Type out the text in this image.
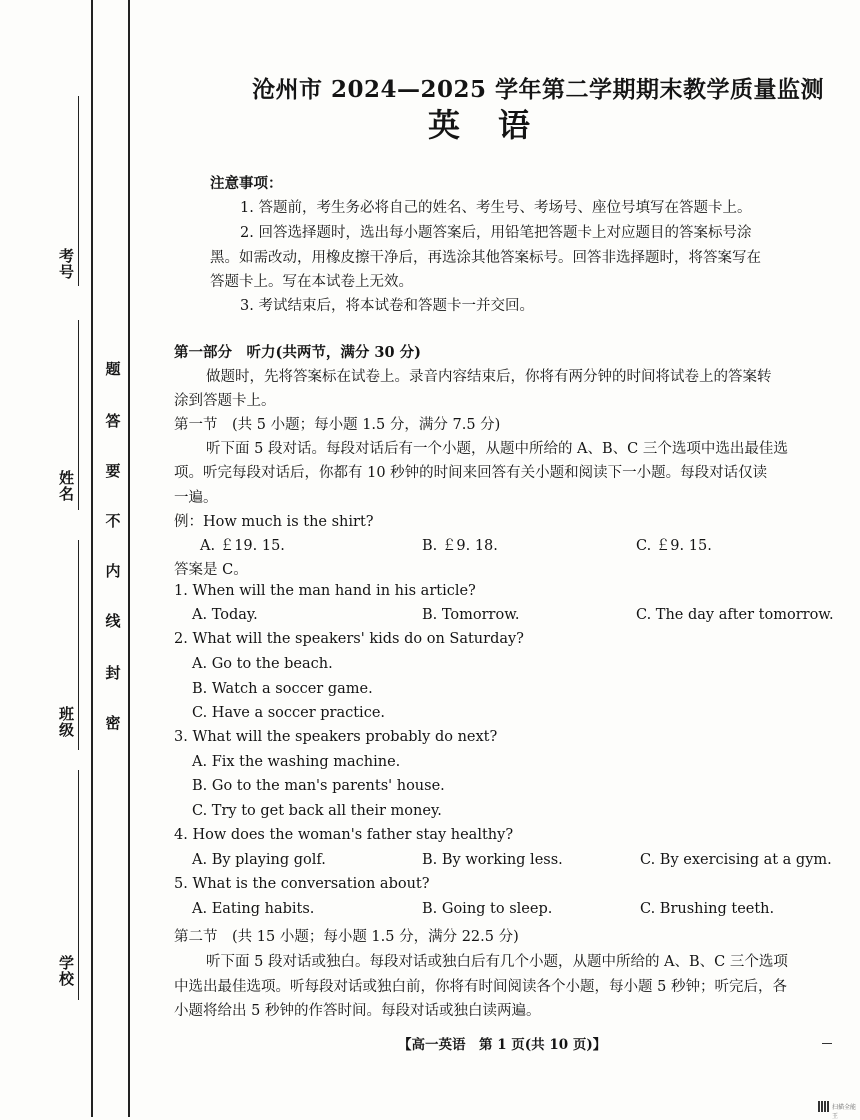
考号
姓名
班级
学校
题
答
要
不
内
线
封
密
沧州市 2024—2025 学年第二学期期末教学质量监测
英语
注意事项：
1. 答题前，考生务必将自己的姓名、考生号、考场号、座位号填写在答题卡上。
2. 回答选择题时，选出每小题答案后，用铅笔把答题卡上对应题目的答案标号涂
黑。如需改动，用橡皮擦干净后，再选涂其他答案标号。回答非选择题时，将答案写在
答题卡上。写在本试卷上无效。
3. 考试结束后，将本试卷和答题卡一并交回。
第一部分　听力(共两节，满分 30 分)
做题时，先将答案标在试卷上。录音内容结束后，你将有两分钟的时间将试卷上的答案转
涂到答题卡上。
第一节　(共 5 小题；每小题 1.5 分，满分 7.5 分)
听下面 5 段对话。每段对话后有一个小题，从题中所给的 A、B、C 三个选项中选出最佳选
项。听完每段对话后，你都有 10 秒钟的时间来回答有关小题和阅读下一小题。每段对话仅读
一遍。
例：How much is the shirt?
A. ￡19. 15.	B. ￡9. 18.	C. ￡9. 15.
答案是 C。
1. When will the man hand in his article?
A. Today.	B. Tomorrow.	C. The day after tomorrow.
2. What will the speakers' kids do on Saturday?
A. Go to the beach.
B. Watch a soccer game.
C. Have a soccer practice.
3. What will the speakers probably do next?
A. Fix the washing machine.
B. Go to the man's parents' house.
C. Try to get back all their money.
4. How does the woman's father stay healthy?
A. By playing golf.	B. By working less.	C. By exercising at a gym.
5. What is the conversation about?
A. Eating habits.	B. Going to sleep.	C. Brushing teeth.
第二节　(共 15 小题；每小题 1.5 分，满分 22.5 分)
听下面 5 段对话或独白。每段对话或独白后有几个小题，从题中所给的 A、B、C 三个选项
中选出最佳选项。听每段对话或独白前，你将有时间阅读各个小题，每小题 5 秒钟；听完后，各
小题将给出 5 秒钟的作答时间。每段对话或独白读两遍。
【高一英语　第 1 页(共 10 页)】
扫描全能王
